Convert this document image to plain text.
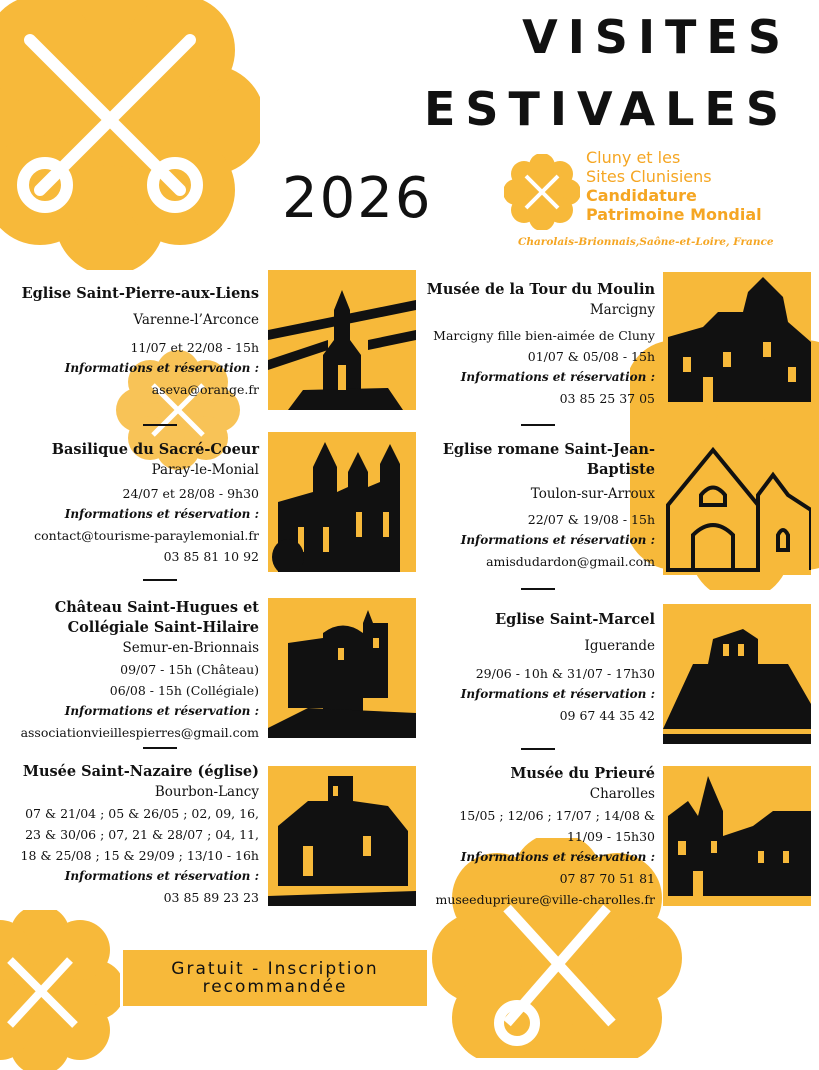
VISITES
ESTIVALES
2026
Cluny et les
Sites Clunisiens
Candidature
Patrimoine Mondial
Charolais-Brionnais,Saône-et-Loire, France
Eglise Saint-Pierre-aux-Liens
Varenne-l’Arconce
11/07 et 22/08 - 15h
Informations et réservation :
aseva@orange.fr
Basilique du Sacré-Coeur
Paray-le-Monial
24/07 et 28/08 - 9h30
Informations et réservation :
contact@tourisme-paraylemonial.fr
03 85 81 10 92
Château Saint-Hugues et
Collégiale Saint-Hilaire
Semur-en-Brionnais
09/07 - 15h (Château)
06/08 - 15h (Collégiale)
Informations et réservation :
associationvieillespierres@gmail.com
Musée Saint-Nazaire (église)
Bourbon-Lancy
07 & 21/04 ; 05 & 26/05 ; 02, 09, 16,
23 & 30/06 ; 07, 21 & 28/07 ; 04, 11,
18 & 25/08 ; 15 & 29/09 ; 13/10 - 16h
Informations et réservation :
03 85 89 23 23
Musée de la Tour du Moulin
Marcigny
Marcigny fille bien-aimée de Cluny
01/07 & 05/08 - 15h
Informations et réservation :
03 85 25 37 05
Eglise romane Saint-Jean-
Baptiste
Toulon-sur-Arroux
22/07 & 19/08 - 15h
Informations et réservation :
amisdudardon@gmail.com
Eglise Saint-Marcel
Iguerande
29/06 - 10h & 31/07 - 17h30
Informations et réservation :
09 67 44 35 42
Musée du Prieuré
Charolles
15/05 ; 12/06 ; 17/07 ; 14/08 &
11/09 - 15h30
Informations et réservation :
07 87 70 51 81
museeduprieure@ville-charolles.fr
Gratuit - Inscription
recommandée
